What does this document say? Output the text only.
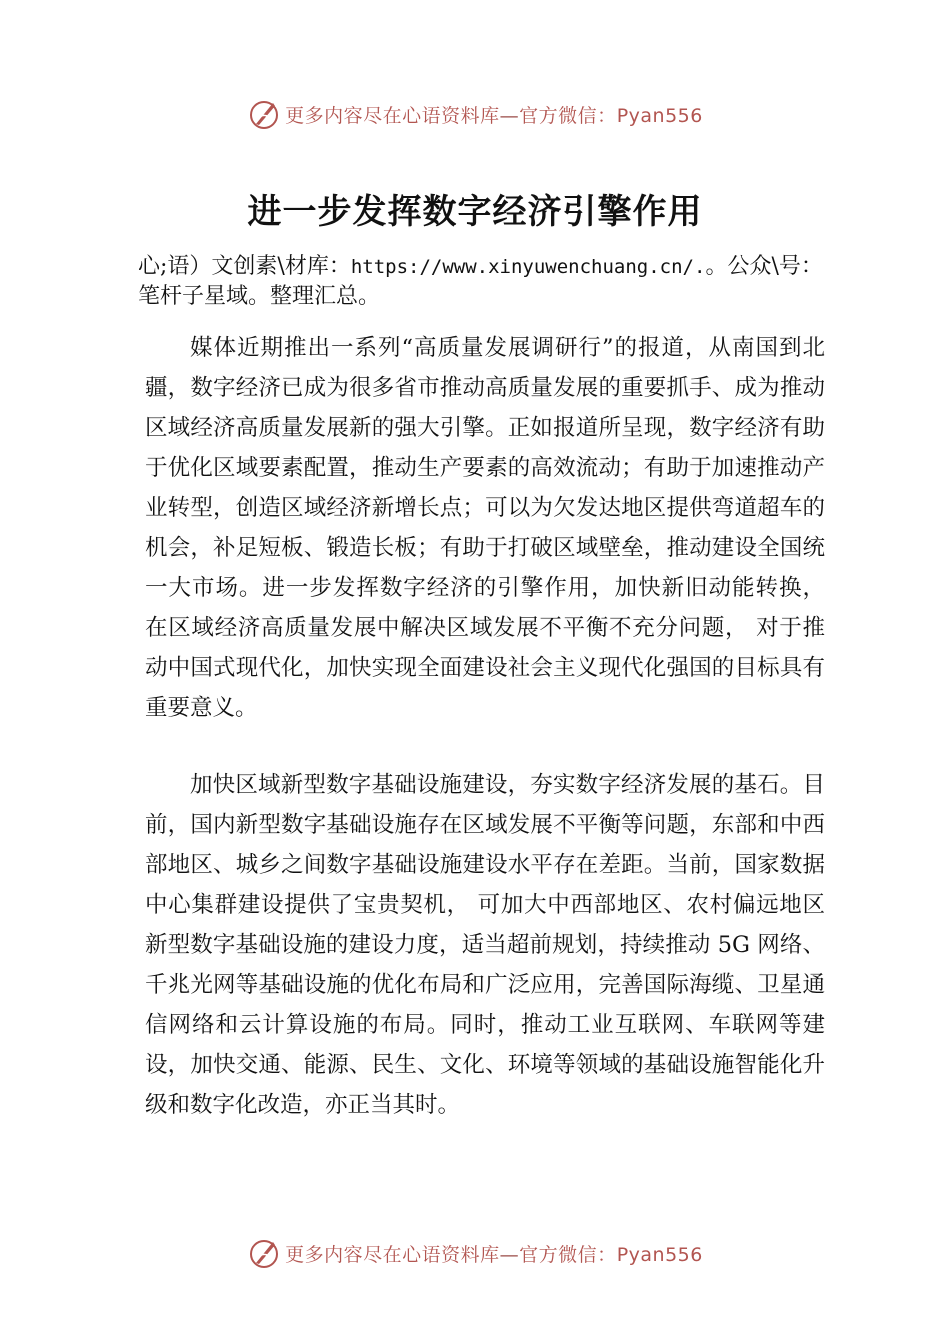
更多内容尽在心语资料库—官方微信：Pyan556
进一步发挥数字经济引擎作用

心;语）文创素\材库：https://www.xinyuwenchuang.cn/.。公众\号：笔杆子星域。整理汇总。

媒体近期推出一系列“高质量发展调研行”的报道，从南国到北疆，数字经济已成为很多省市推动高质量发展的重要抓手、成为推动区域经济高质量发展新的强大引擎。正如报道所呈现，数字经济有助于优化区域要素配置，推动生产要素的高效流动；有助于加速推动产业转型，创造区域经济新增长点；可以为欠发达地区提供弯道超车的机会，补足短板、锻造长板；有助于打破区域壁垒，推动建设全国统一大市场。进一步发挥数字经济的引擎作用，加快新旧动能转换， 在区域经济高质量发展中解决区域发展不平衡不充分问题， 对于推动中国式现代化，加快实现全面建设社会主义现代化强国的目标具有重要意义。

加快区域新型数字基础设施建设，夯实数字经济发展的基石。目前，国内新型数字基础设施存在区域发展不平衡等问题，东部和中西部地区、城乡之间数字基础设施建设水平存在差距。当前，国家数据中心集群建设提供了宝贵契机， 可加大中西部地区、农村偏远地区新型数字基础设施的建设力度，适当超前规划，持续推动 5G 网络、千兆光网等基础设施的优化布局和广泛应用，完善国际海缆、卫星通信网络和云计算设施的布局。同时，推动工业互联网、车联网等建设，加快交通、能源、民生、文化、环境等领域的基础设施智能化升级和数字化改造，亦正当其时。

更多内容尽在心语资料库—官方微信：Pyan556
